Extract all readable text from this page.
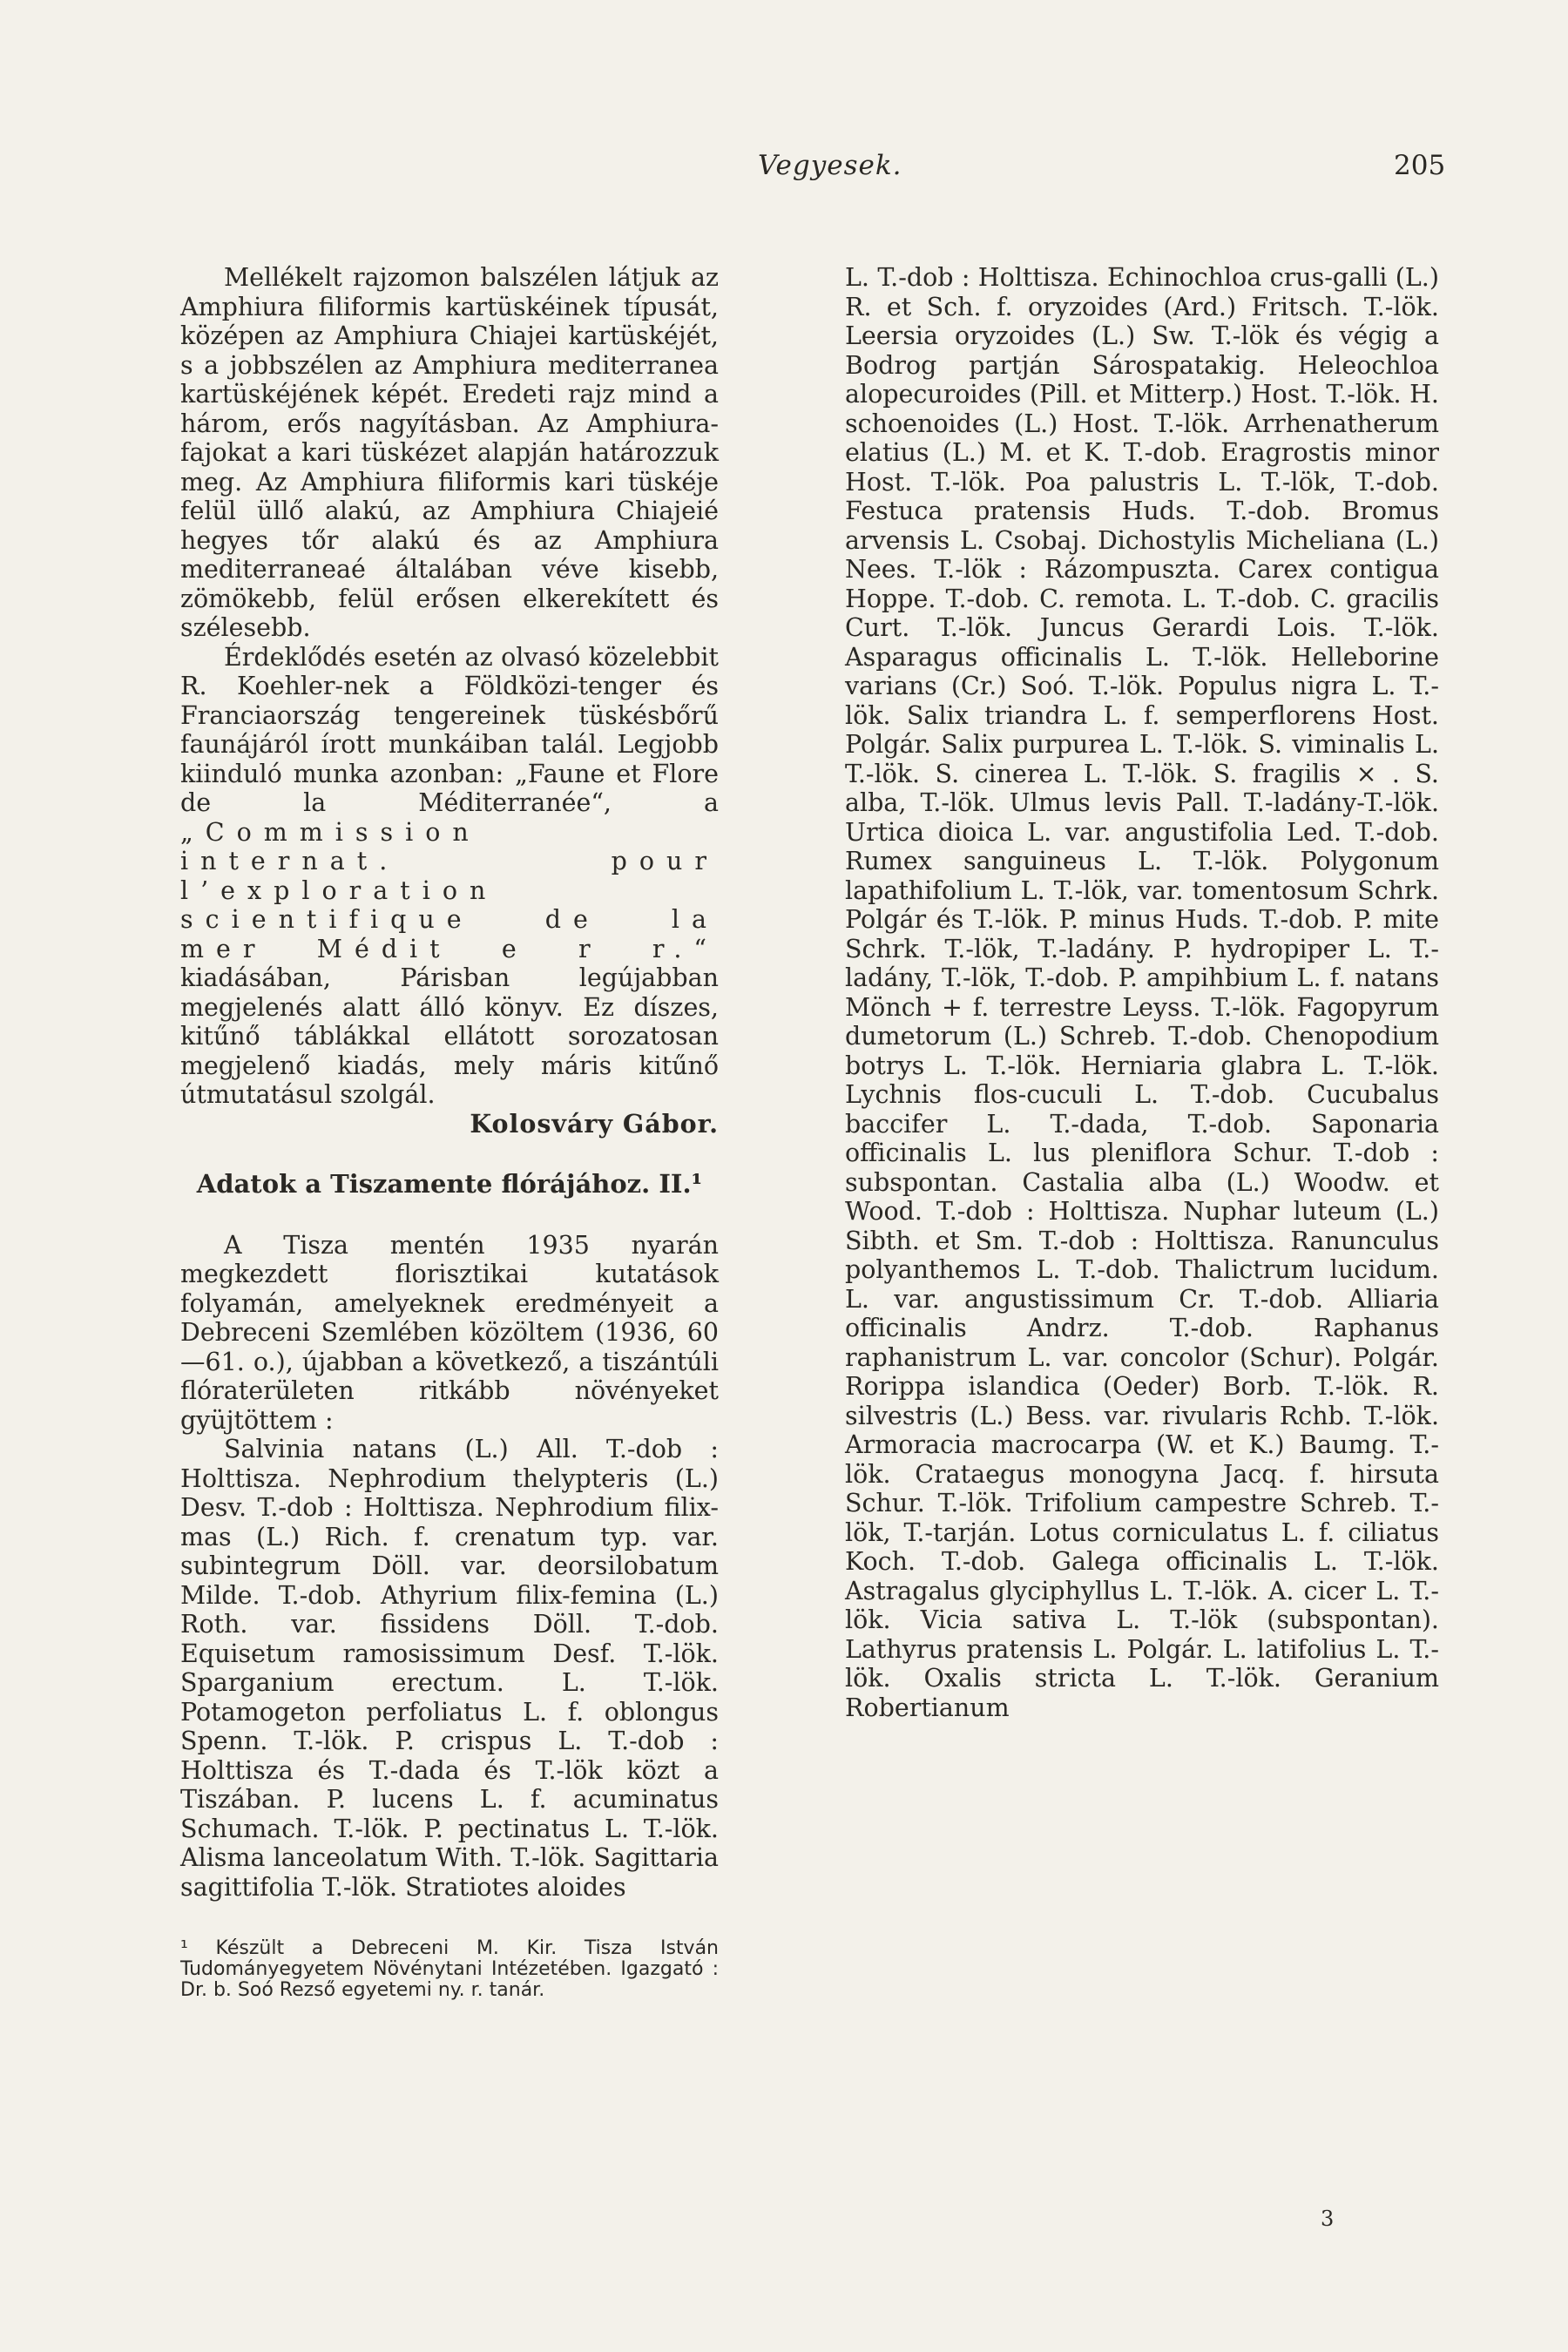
Vegyesek.	205

Mellékelt rajzomon balszélen látjuk az Amphiura filiformis kartüskéinek típusát, középen az Amphiura Chiajei kartüskéjét, s a jobbszélen az Amphiura mediterranea kartüskéjének képét. Eredeti rajz mind a három, erős nagyításban. Az Amphiura-fajokat a kari tüskézet alapján határozzuk meg. Az Amphiura filiformis kari tüskéje felül üllő alakú, az Amphiura Chiajeié hegyes tőr alakú és az Amphiura mediterraneaé általában véve kisebb, zömökebb, felül erősen elkerekített és szélesebb.

Érdeklődés esetén az olvasó közelebbit R. Koehler-nek a Földközi-tenger és Franciaország tengereinek tüskésbőrű faunájáról írott munkáiban talál. Legjobb kiinduló munka azonban: „Faune et Flore de la Méditerranée“, a „Commission internat. pour l’exploration scientifique de la mer Médit e r r.“ kiadásában, Párisban legújabban megjelenés alatt álló könyv. Ez díszes, kitűnő táblákkal ellátott sorozatosan megjelenő kiadás, mely máris kitűnő útmutatásul szolgál.

Kolosváry Gábor.

Adatok a Tiszamente flórájához. II.¹

A Tisza mentén 1935 nyarán megkezdett florisztikai kutatások folyamán, amelyeknek eredményeit a Debreceni Szemlében közöltem (1936, 60—61. o.), újabban a következő, a tiszántúli flóraterületen ritkább növényeket gyüjtöttem :

Salvinia natans (L.) All. T.-dob : Holttisza. Nephrodium thelypteris (L.) Desv. T.-dob : Holttisza. Nephrodium filix-mas (L.) Rich. f. crenatum typ. var. subintegrum Döll. var. deorsilobatum Milde. T.-dob. Athyrium filix-femina (L.) Roth. var. fissidens Döll. T.-dob. Equisetum ramosissimum Desf. T.-lök. Sparganium erectum. L. T.-lök. Potamogeton perfoliatus L. f. oblongus Spenn. T.-lök. P. crispus L. T.-dob : Holttisza és T.-dada és T.-lök közt a Tiszában. P. lucens L. f. acuminatus Schumach. T.-lök. P. pectinatus L. T.-lök. Alisma lanceolatum With. T.-lök. Sagittaria sagittifolia T.-lök. Stratiotes aloides

¹ Készült a Debreceni M. Kir. Tisza István Tudományegyetem Növénytani Intézetében. Igazgató : Dr. b. Soó Rezső egyetemi ny. r. tanár.

L. T.-dob : Holttisza. Echinochloa crus-galli (L.) R. et Sch. f. oryzoides (Ard.) Fritsch. T.-lök. Leersia oryzoides (L.) Sw. T.-lök és végig a Bodrog partján Sárospatakig. Heleochloa alopecuroides (Pill. et Mitterp.) Host. T.-lök. H. schoenoides (L.) Host. T.-lök. Arrhenatherum elatius (L.) M. et K. T.-dob. Eragrostis minor Host. T.-lök. Poa palustris L. T.-lök, T.-dob. Festuca pratensis Huds. T.-dob. Bromus arvensis L. Csobaj. Dichostylis Micheliana (L.) Nees. T.-lök : Rázompuszta. Carex contigua Hoppe. T.-dob. C. remota. L. T.-dob. C. gracilis Curt. T.-lök. Juncus Gerardi Lois. T.-lök. Asparagus officinalis L. T.-lök. Helleborine varians (Cr.) Soó. T.-lök. Populus nigra L. T.-lök. Salix triandra L. f. semperflorens Host. Polgár. Salix purpurea L. T.-lök. S. viminalis L. T.-lök. S. cinerea L. T.-lök. S. fragilis × . S. alba, T.-lök. Ulmus levis Pall. T.-ladány-T.-lök. Urtica dioica L. var. angustifolia Led. T.-dob. Rumex sanguineus L. T.-lök. Polygonum lapathifolium L. T.-lök, var. tomentosum Schrk. Polgár és T.-lök. P. minus Huds. T.-dob. P. mite Schrk. T.-lök, T.-ladány. P. hydropiper L. T.-ladány, T.-lök, T.-dob. P. ampihbium L. f. natans Mönch + f. terrestre Leyss. T.-lök. Fagopyrum dumetorum (L.) Schreb. T.-dob. Chenopodium botrys L. T.-lök. Herniaria glabra L. T.-lök. Lychnis flos-cuculi L. T.-dob. Cucubalus baccifer L. T.-dada, T.-dob. Saponaria officinalis L. lus pleniflora Schur. T.-dob : subspontan. Castalia alba (L.) Woodw. et Wood. T.-dob : Holttisza. Nuphar luteum (L.) Sibth. et Sm. T.-dob : Holttisza. Ranunculus polyanthemos L. T.-dob. Thalictrum lucidum. L. var. angustissimum Cr. T.-dob. Alliaria officinalis Andrz. T.-dob. Raphanus raphanistrum L. var. concolor (Schur). Polgár. Rorippa islandica (Oeder) Borb. T.-lök. R. silvestris (L.) Bess. var. rivularis Rchb. T.-lök. Armoracia macrocarpa (W. et K.) Baumg. T.-lök. Crataegus monogyna Jacq. f. hirsuta Schur. T.-lök. Trifolium campestre Schreb. T.-lök, T.-tarján. Lotus corniculatus L. f. ciliatus Koch. T.-dob. Galega officinalis L. T.-lök. Astragalus glyciphyllus L. T.-lök. A. cicer L. T.-lök. Vicia sativa L. T.-lök (subspontan). Lathyrus pratensis L. Polgár. L. latifolius L. T.-lök. Oxalis stricta L. T.-lök. Geranium Robertianum

3
